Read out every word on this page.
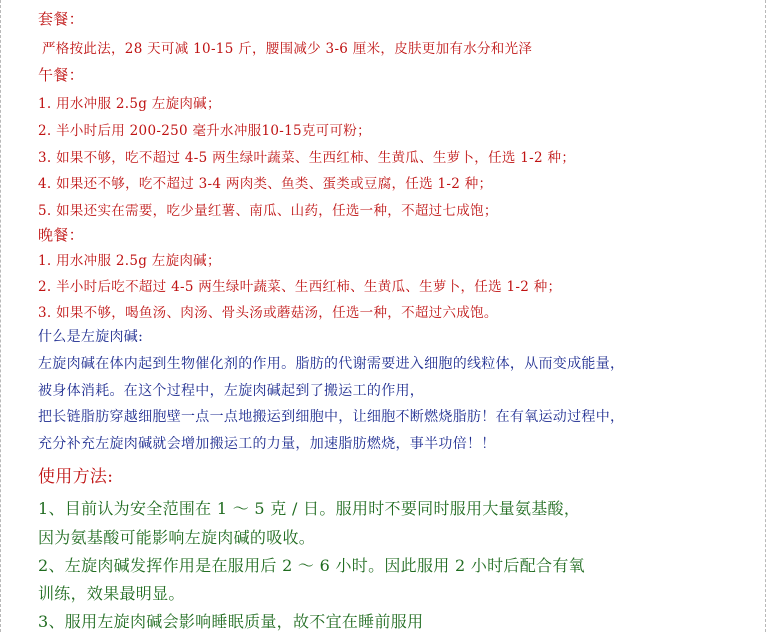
套餐：
严格按此法，28 天可减 10-15 斤，腰围减少 3-6 厘米，皮肤更加有水分和光泽
午餐：
1. 用水冲服 2.5g 左旋肉碱；
2. 半小时后用 200-250 毫升水冲服10-15克可可粉；
3. 如果不够，吃不超过 4-5 两生绿叶蔬菜、生西红柿、生黄瓜、生萝卜，任选 1-2 种；
4. 如果还不够，吃不超过 3-4 两肉类、鱼类、蛋类或豆腐，任选 1-2 种；
5. 如果还实在需要，吃少量红薯、南瓜、山药，任选一种，不超过七成饱；
晚餐：
1. 用水冲服 2.5g 左旋肉碱；
2. 半小时后吃不超过 4-5 两生绿叶蔬菜、生西红柿、生黄瓜、生萝卜，任选 1-2 种；
3. 如果不够，喝鱼汤、肉汤、骨头汤或蘑菇汤，任选一种，不超过六成饱。
什么是左旋肉碱:
左旋肉碱在体内起到生物催化剂的作用。脂肪的代谢需要进入细胞的线粒体，从而变成能量，
被身体消耗。在这个过程中，左旋肉碱起到了搬运工的作用，
把长链脂肪穿越细胞壁一点一点地搬运到细胞中，让细胞不断燃烧脂肪！在有氧运动过程中，
充分补充左旋肉碱就会增加搬运工的力量，加速脂肪燃烧，事半功倍！！
使用方法:
1、目前认为安全范围在 1 ～ 5 克 / 日。服用时不要同时服用大量氨基酸，
因为氨基酸可能影响左旋肉碱的吸收。
2、左旋肉碱发挥作用是在服用后 2 ～ 6 小时。因此服用 2 小时后配合有氧
训练，效果最明显。
3、服用左旋肉碱会影响睡眠质量，故不宜在睡前服用
